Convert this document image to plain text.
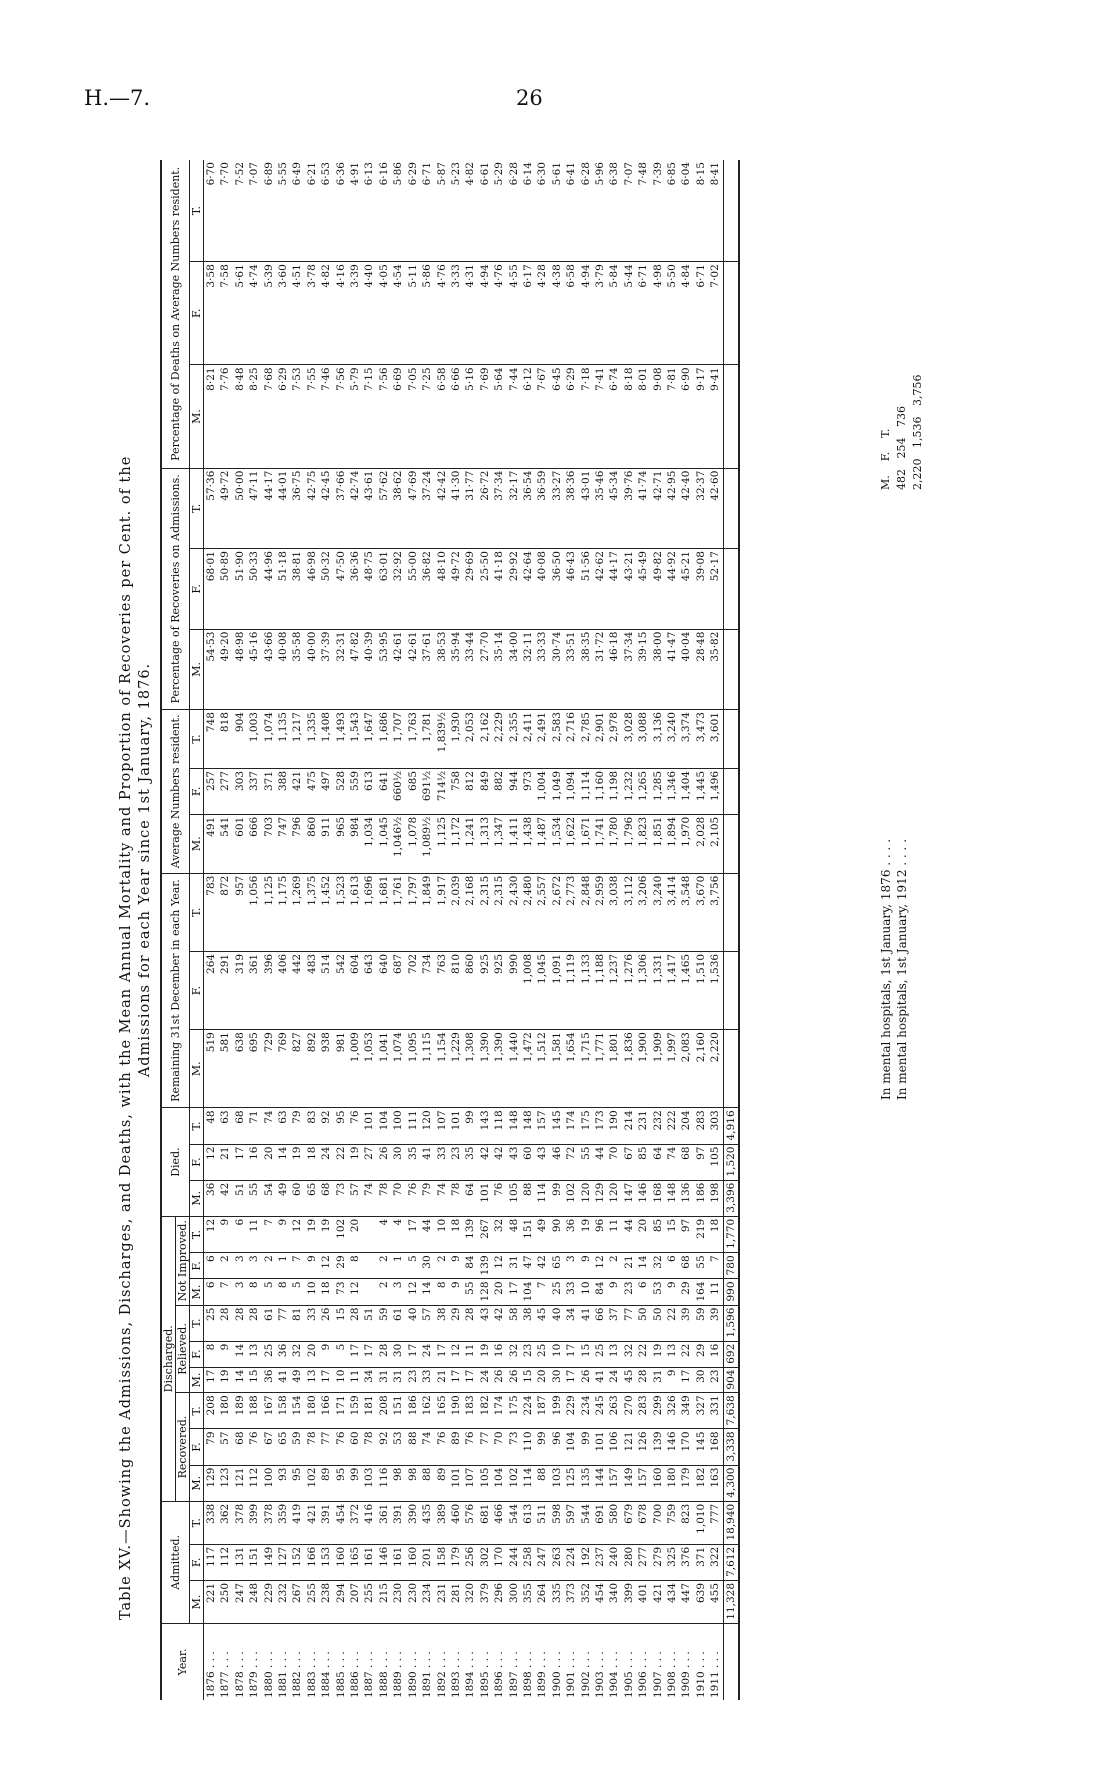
H.—7.	26
Table XV.—Showing the Admissions, Discharges, and Deaths, with the Mean Annual Mortality and Proportion of Recoveries per Cent. of the Admissions for each Year since 1st January, 1876.
Year.	Admitted.			Discharged.									Died.			Remaining 31st December in each Year.			Average Numbers resident.			Percentage of Recoveries on Admissions.			Percentage of Deaths on Average Numbers resident.		
				Recovered.			Relieved.			Not Improved.																	
	M.	F.	T.	M.	F.	T.	M.	F.	T.	M.	F.	T.	M.	F.	T.	M.	F.	T.	M.	F.	T.	M.	F.	T.	M.	F.	T.
1876 . . .	221	117	338	129	79	208	17	8	25	6	6	12	36	12	48	519	264	783	491	257	748	54·53	68·01	57·36	8·21	3·58	6·70
1877 . . .	250	112	362	123	57	180	19	9	28	7	2	9	42	21	63	581	291	872	541	277	818	49·20	50·89	49·72	7·76	7·58	7·70
1878 . . .	247	131	378	121	68	189	14	14	28	3	3	6	51	17	68	638	319	957	601	303	904	48·98	51·90	50·00	8·48	5·61	7·52
1879 . . .	248	151	399	112	76	188	15	13	28	8	3	11	55	16	71	695	361	1,056	666	337	1,003	45·16	50·33	47·11	8·25	4·74	7·07
1880 . . .	229	149	378	100	67	167	36	25	61	5	2	7	54	20	74	729	396	1,125	703	371	1,074	43·66	44·96	44·17	7·68	5·39	6·89
1881 . . .	232	127	359	93	65	158	41	36	77	8	1	9	49	14	63	769	406	1,175	747	388	1,135	40·08	51·18	44·01	6·29	3·60	5·55
1882 . . .	267	152	419	95	59	154	49	32	81	5	7	12	60	19	79	827	442	1,269	796	421	1,217	35·58	38·81	36·75	7·53	4·51	6·49
1883 . . .	255	166	421	102	78	180	13	20	33	10	9	19	65	18	83	892	483	1,375	860	475	1,335	40·00	46·98	42·75	7·55	3·78	6·21
1884 . . .	238	153	391	89	77	166	17	9	26	18	12	19	68	24	92	938	514	1,452	911	497	1,408	37·39	50·32	42·45	7·46	4·82	6·53
1885 . . .	294	160	454	95	76	171	10	5	15	73	29	102	73	22	95	981	542	1,523	965	528	1,493	32·31	47·50	37·66	7·56	4·16	6·36
1886 . . .	207	165	372	99	60	159	11	17	28	12	8	20	57	19	76	1,009	604	1,613	984	559	1,543	47·82	36·36	42·74	5·79	3·39	4·91
1887 . . .	255	161	416	103	78	181	34	17	51				74	27	101	1,053	643	1,696	1,034	613	1,647	40·39	48·75	43·61	7·15	4·40	6·13
1888 . . .	215	146	361	116	92	208	31	28	59	2	2	4	78	26	104	1,041	640	1,681	1,045	641	1,686	53·95	63·01	57·62	7·56	4·05	6·16
1889 . . .	230	161	391	98	53	151	31	30	61	3	1	4	70	30	100	1,074	687	1,761	1,046½	660½	1,707	42·61	32·92	38·62	6·69	4·54	5·86
1890 . . .	230	160	390	98	88	186	23	17	40	12	5	17	76	35	111	1,095	702	1,797	1,078	685	1,763	42·61	55·00	47·69	7·05	5·11	6·29
1891 . . .	234	201	435	88	74	162	33	24	57	14	30	44	79	41	120	1,115	734	1,849	1,089½	691½	1,781	37·61	36·82	37·24	7·25	5·86	6·71
1892 . . .	231	158	389	89	76	165	21	17	38	8	2	10	74	33	107	1,154	763	1,917	1,125	714½	1,839½	38·53	48·10	42·42	6·58	4·76	5·87
1893 . . .	281	179	460	101	89	190	17	12	29	9	9	18	78	23	101	1,229	810	2,039	1,172	758	1,930	35·94	49·72	41·30	6·66	3·33	5·23
1894 . . .	320	256	576	107	76	183	17	11	28	55	84	139	64	35	99	1,308	860	2,168	1,241	812	2,053	33·44	29·69	31·77	5·16	4·31	4·82
1895 . . .	379	302	681	105	77	182	24	19	43	128	139	267	101	42	143	1,390	925	2,315	1,313	849	2,162	27·70	25·50	26·72	7·69	4·94	6·61
1896 . . .	296	170	466	104	70	174	26	16	42	20	12	32	76	42	118	1,390	925	2,315	1,347	882	2,229	35·14	41·18	37·34	5·64	4·76	5·29
1897 . . .	300	244	544	102	73	175	26	32	58	17	31	48	105	43	148	1,440	990	2,430	1,411	944	2,355	34·00	29·92	32·17	7·44	4·55	6·28
1898 . . .	355	258	613	114	110	224	15	23	38	104	47	151	88	60	148	1,472	1,008	2,480	1,438	973	2,411	32·11	42·64	36·54	6·12	6·17	6·14
1899 . . .	264	247	511	88	99	187	20	25	45	7	42	49	114	43	157	1,512	1,045	2,557	1,487	1,004	2,491	33·33	40·08	36·59	7·67	4·28	6·30
1900 . . .	335	263	598	103	96	199	30	10	40	25	65	90	99	46	145	1,581	1,091	2,672	1,534	1,049	2,583	30·74	36·50	33·27	6·45	4·38	5·61
1901 . . .	373	224	597	125	104	229	17	17	34	33	3	36	102	72	174	1,654	1,119	2,773	1,622	1,094	2,716	33·51	46·43	38·36	6·29	6·58	6·41
1902 . . .	352	192	544	135	99	234	26	15	41	10	9	19	120	55	175	1,715	1,133	2,848	1,671	1,114	2,785	38·35	51·56	43·01	7·18	4·94	6·28
1903 . . .	454	237	691	144	101	245	41	25	66	84	12	96	129	44	173	1,771	1,188	2,959	1,741	1,160	2,901	31·72	42·62	35·46	7·41	3·79	5·96
1904 . . .	340	240	580	157	106	263	24	13	37	9	2	11	120	70	190	1,801	1,237	3,038	1,780	1,198	2,978	46·18	44·17	45·34	6·74	5·84	6·38
1905 . . .	399	280	679	149	121	270	45	32	77	23	21	44	147	67	214	1,836	1,276	3,112	1,796	1,232	3,028	37·34	43·21	39·76	8·18	5·44	7·07
1906 . . .	401	277	678	157	126	283	28	22	50	6	14	20	146	85	231	1,900	1,306	3,206	1,823	1,265	3,088	39·15	45·49	41·74	8·01	6·71	7·48
1907 . . .	421	279	700	160	139	299	31	19	50	53	32	85	168	64	232	1,909	1,331	3,240	1,851	1,285	3,136	38·00	49·82	42·71	9·08	4·98	7·39
1908 . . .	434	325	759	180	146	326	9	13	22	9	6	15	148	74	222	1,997	1,417	3,414	1,894	1,346	3,240	41·47	44·92	42·95	7·81	5·50	6·85
1909 . . .	447	376	823	179	170	349	17	22	39	29	68	97	136	68	204	2,083	1,465	3,548	1,970	1,404	3,374	40·04	45·21	42·40	6·90	4·84	6·04
1910 . . .	639	371	1,010	182	145	327	30	29	59	164	55	219	186	97	283	2,160	1,510	3,670	2,028	1,445	3,473	28·48	39·08	32·37	9·17	6·71	8·15
1911 . . .	455	322	777	163	168	331	23	16	39	11	7	18	198	105	303	2,220	1,536	3,756	2,105	1,496	3,601	35·82	52·17	42·60	9·41	7·02	8·41
	11,328	7,612	18,940	4,300	3,338	7,638	904	692	1,596	990	780	1,770	3,396	1,520	4,916												
In mental hospitals, 1st January, 1876 . . . .
In mental hospitals, 1st January, 1912 . . . .
M.    F.    T.
482   254   736
2,220   1,536   3,756
